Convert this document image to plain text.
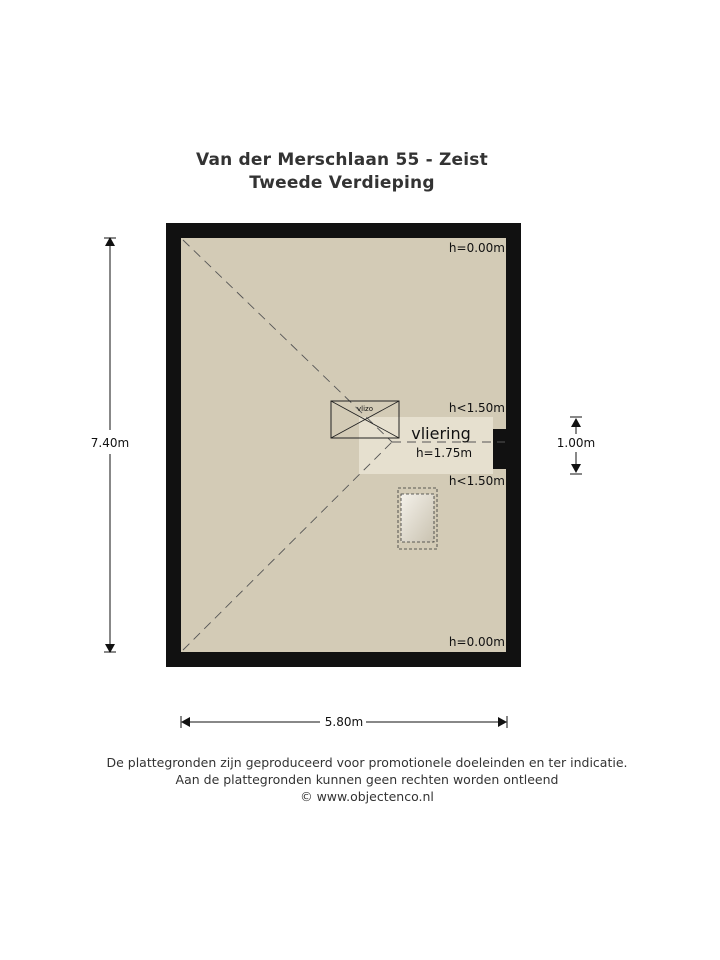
Van der Merschlaan 55 - Zeist
Tweede Verdieping
vlizo
h=0.00m
h<1.50m
h<1.50m
h=0.00m
vliering
h=1.75m
7.40m
5.80m
1.00m
De plattegronden zijn geproduceerd voor promotionele doeleinden en ter indicatie.
Aan de plattegronden kunnen geen rechten worden ontleend
© www.objectenco.nl
